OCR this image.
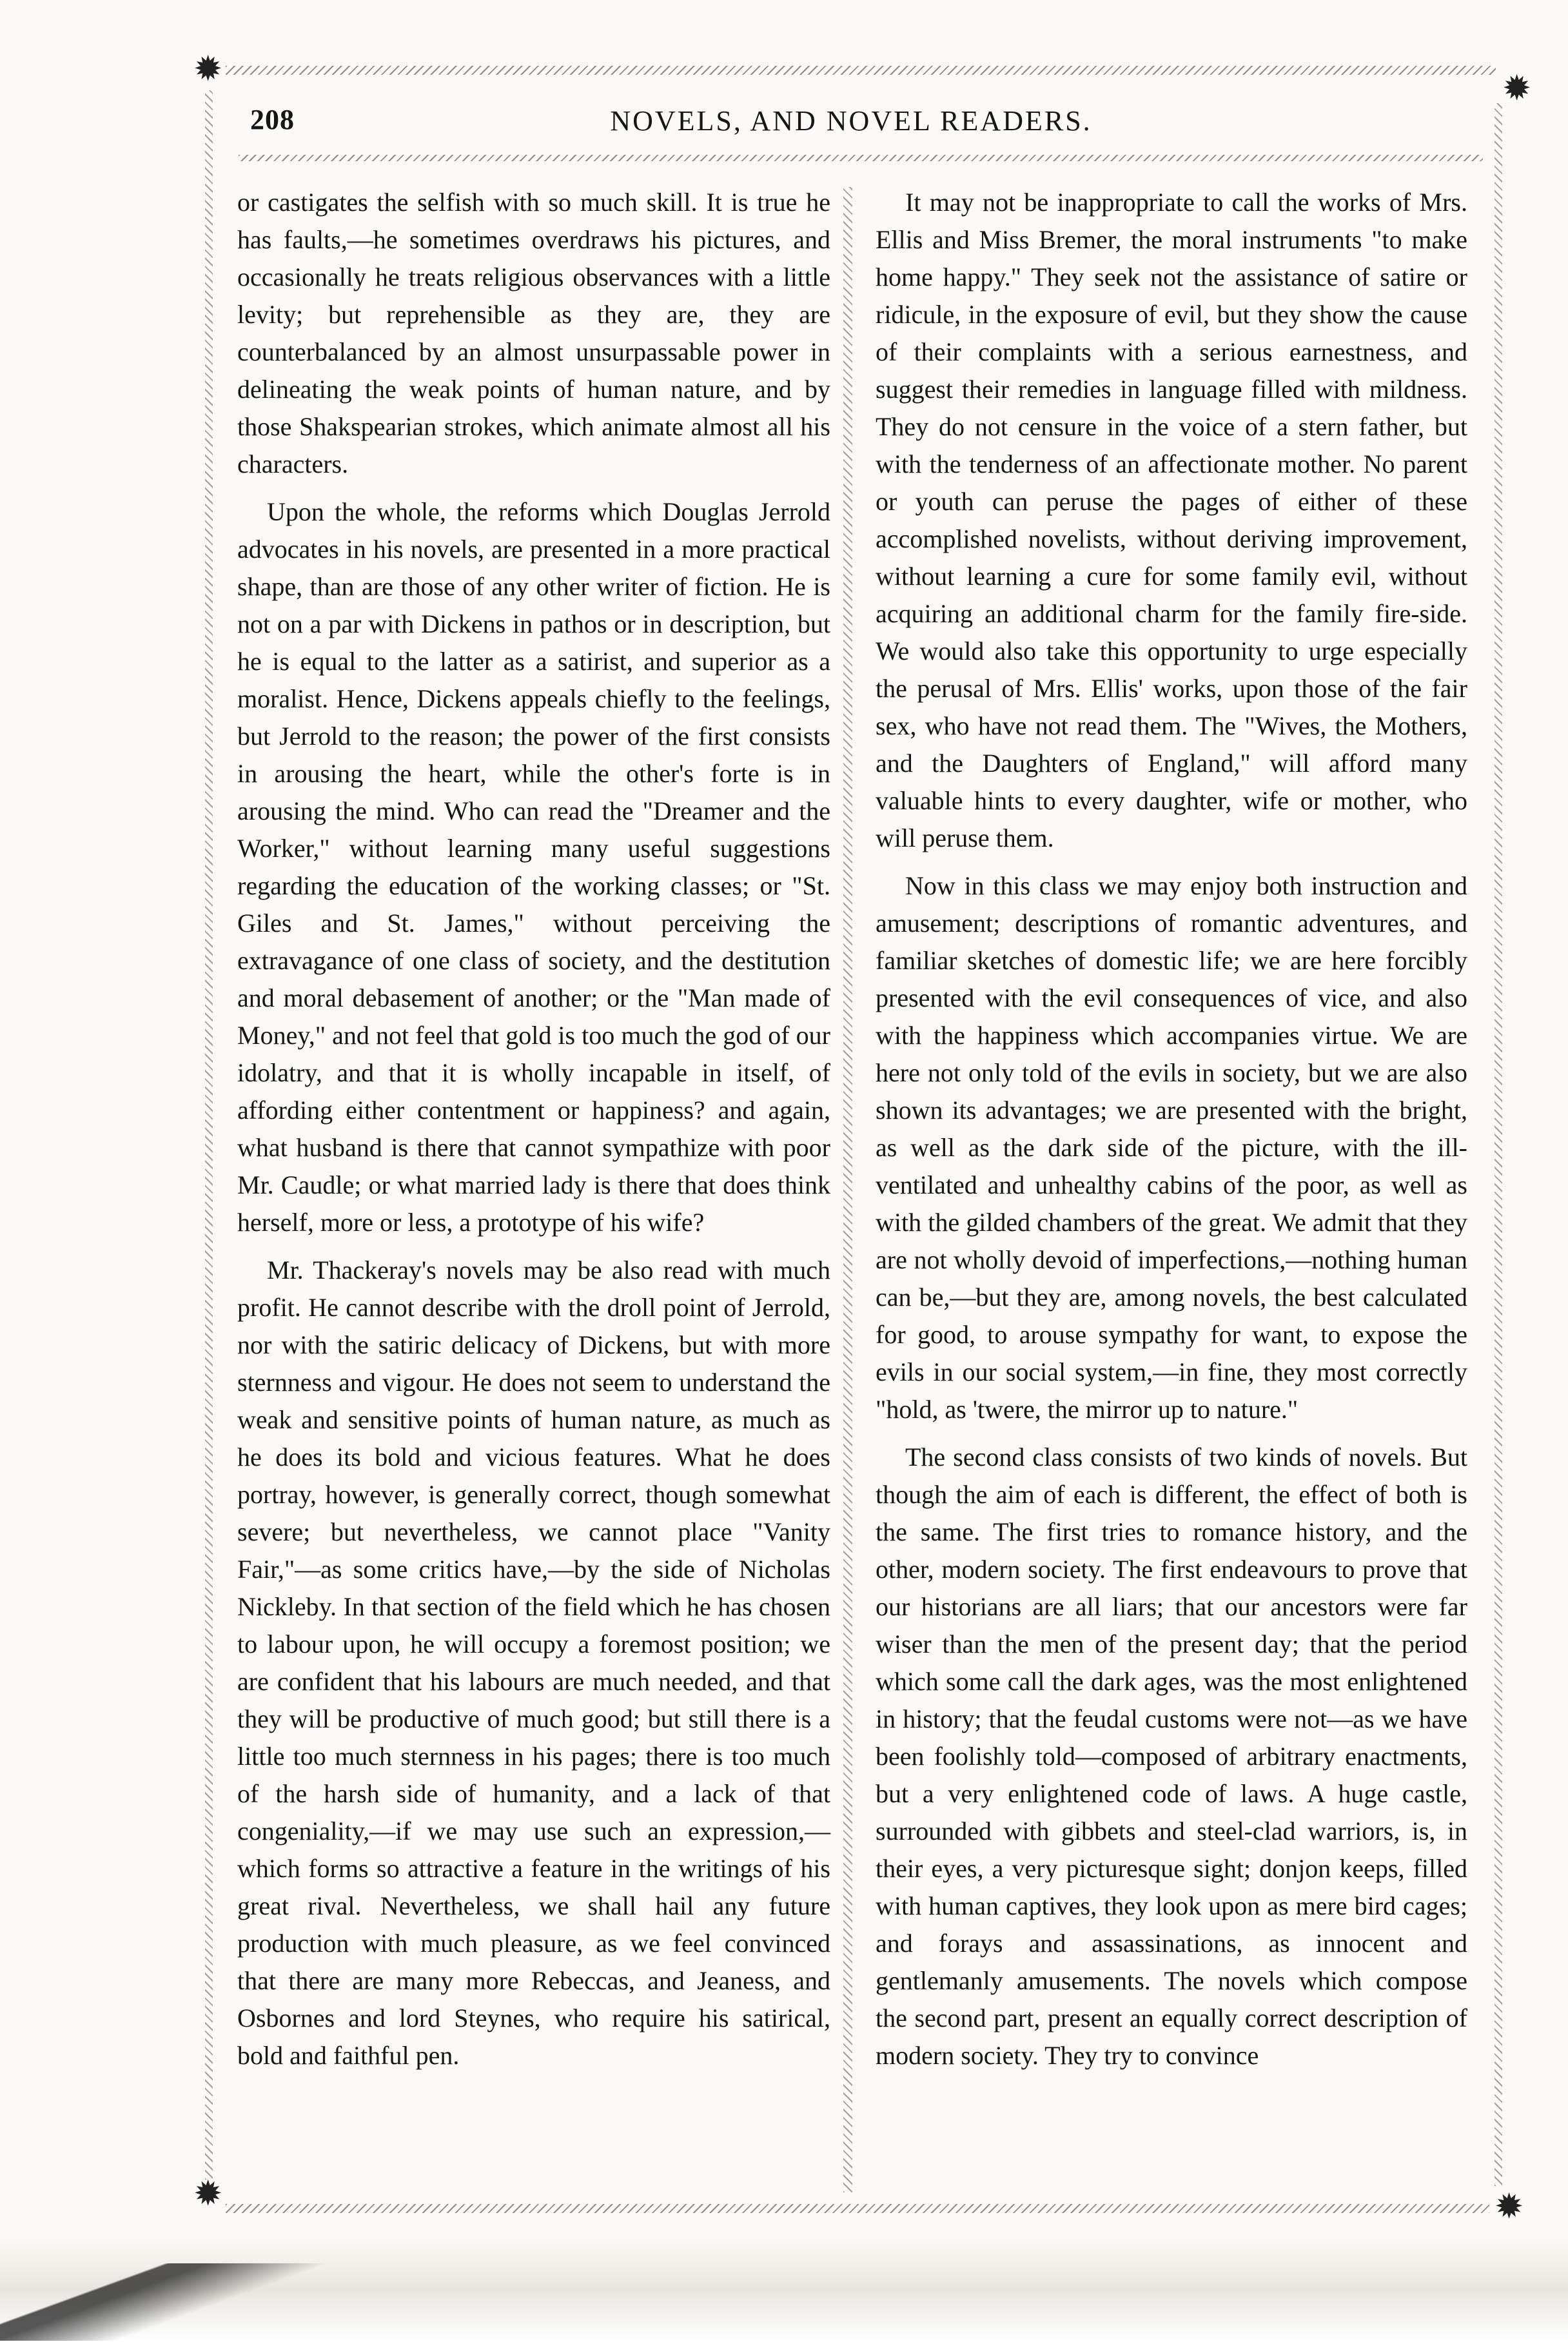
✹	✹
208	NOVELS, AND NOVEL READERS.

or castigates the selfish with so much skill. It is true he has faults,—he sometimes overdraws his pictures, and occasionally he treats religious observances with a little levity; but reprehensible as they are, they are counterbalanced by an almost unsurpassable power in delineating the weak points of human nature, and by those Shakspearian strokes, which animate almost all his characters.

Upon the whole, the reforms which Douglas Jerrold advocates in his novels, are presented in a more practical shape, than are those of any other writer of fiction. He is not on a par with Dickens in pathos or in description, but he is equal to the latter as a satirist, and superior as a moralist. Hence, Dickens appeals chiefly to the feelings, but Jerrold to the reason; the power of the first consists in arousing the heart, while the other's forte is in arousing the mind. Who can read the "Dreamer and the Worker," without learning many useful suggestions regarding the education of the working classes; or "St. Giles and St. James," without perceiving the extravagance of one class of society, and the destitution and moral debasement of another; or the "Man made of Money," and not feel that gold is too much the god of our idolatry, and that it is wholly incapable in itself, of affording either contentment or happiness? and again, what husband is there that cannot sympathize with poor Mr. Caudle; or what married lady is there that does think herself, more or less, a prototype of his wife?

Mr. Thackeray's novels may be also read with much profit. He cannot describe with the droll point of Jerrold, nor with the satiric delicacy of Dickens, but with more sternness and vigour. He does not seem to understand the weak and sensitive points of human nature, as much as he does its bold and vicious features. What he does portray, however, is generally correct, though somewhat severe; but nevertheless, we cannot place "Vanity Fair,"—as some critics have,—by the side of Nicholas Nickleby. In that section of the field which he has chosen to labour upon, he will occupy a foremost position; we are confident that his labours are much needed, and that they will be productive of much good; but still there is a little too much sternness in his pages; there is too much of the harsh side of humanity, and a lack of that congeniality,—if we may use such an expression,—which forms so attractive a feature in the writings of his great rival. Nevertheless, we shall hail any future production with much pleasure, as we feel convinced that there are many more Rebeccas, and Jeaness, and Osbornes and lord Steynes, who require his satirical, bold and faithful pen.

It may not be inappropriate to call the works of Mrs. Ellis and Miss Bremer, the moral instruments "to make home happy." They seek not the assistance of satire or ridicule, in the exposure of evil, but they show the cause of their complaints with a serious earnestness, and suggest their remedies in language filled with mildness. They do not censure in the voice of a stern father, but with the tenderness of an affectionate mother. No parent or youth can peruse the pages of either of these accomplished novelists, without deriving improvement, without learning a cure for some family evil, without acquiring an additional charm for the family fire-side. We would also take this opportunity to urge especially the perusal of Mrs. Ellis' works, upon those of the fair sex, who have not read them. The "Wives, the Mothers, and the Daughters of England," will afford many valuable hints to every daughter, wife or mother, who will peruse them.

Now in this class we may enjoy both instruction and amusement; descriptions of romantic adventures, and familiar sketches of domestic life; we are here forcibly presented with the evil consequences of vice, and also with the happiness which accompanies virtue. We are here not only told of the evils in society, but we are also shown its advantages; we are presented with the bright, as well as the dark side of the picture, with the ill-ventilated and unhealthy cabins of the poor, as well as with the gilded chambers of the great. We admit that they are not wholly devoid of imperfections,—nothing human can be,—but they are, among novels, the best calculated for good, to arouse sympathy for want, to expose the evils in our social system,—in fine, they most correctly "hold, as 'twere, the mirror up to nature."

The second class consists of two kinds of novels. But though the aim of each is different, the effect of both is the same. The first tries to romance history, and the other, modern society. The first endeavours to prove that our historians are all liars; that our ancestors were far wiser than the men of the present day; that the period which some call the dark ages, was the most enlightened in history; that the feudal customs were not—as we have been foolishly told—composed of arbitrary enactments, but a very enlightened code of laws. A huge castle, surrounded with gibbets and steel-clad warriors, is, in their eyes, a very picturesque sight; donjon keeps, filled with human captives, they look upon as mere bird cages; and forays and assassinations, as innocent and gentlemanly amusements. The novels which compose the second part, present an equally correct description of modern society. They try to convince

✹	✹
